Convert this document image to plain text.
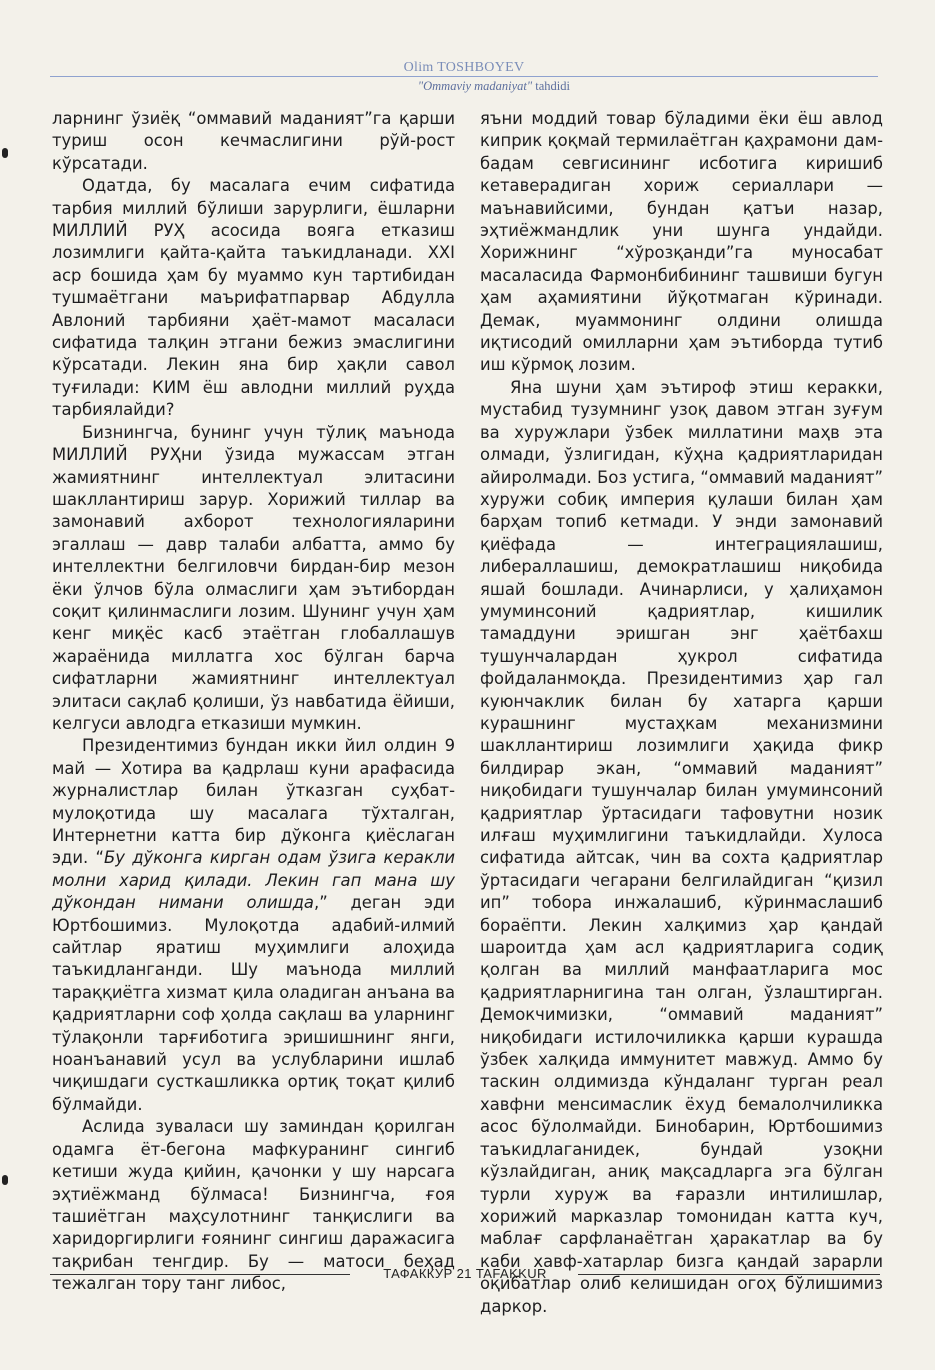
Olim TOSHBOYEV
"Ommaviy madaniyat" tahdidi

ларнинг ўзиёқ “оммавий маданият”га қарши туриш осон кечмаслигини рўй-рост кўрсатади.

Одатда, бу масалага ечим сифатида тарбия миллий бўлиши зарурлиги, ёшларни МИЛЛИЙ РУҲ асосида вояга етказиш лозимлиги қайта-қайта таъкидланади. XXI аср бошида ҳам бу муаммо кун тартибидан тушмаётгани маърифатпарвар Абдулла Авлоний тарбияни ҳаёт-мамот масаласи сифатида талқин этгани бежиз эмаслигини кўрсатади. Лекин яна бир ҳақли савол туғилади: КИМ ёш авлодни миллий руҳда тарбиялайди?

Бизнингча, бунинг учун тўлиқ маънода МИЛЛИЙ РУҲни ўзида мужассам этган жамиятнинг интеллектуал элитасини шакллантириш зарур. Хорижий тиллар ва замонавий ахборот технологияларини эгаллаш — давр талаби албатта, аммо бу интеллектни белгиловчи бирдан-бир мезон ёки ўлчов бўла олмаслиги ҳам эътибордан соқит қилинмаслиги лозим. Шунинг учун ҳам кенг миқёс касб этаётган глобаллашув жараёнида миллатга хос бўлган барча сифатларни жамиятнинг интеллектуал элитаси сақлаб қолиши, ўз навбатида ёйиши, келгуси авлодга етказиши мумкин.

Президентимиз бундан икки йил олдин 9 май — Хотира ва қадрлаш куни арафасида журналистлар билан ўтказган суҳбат-мулоқотида шу масалага тўхталган, Интернетни катта бир дўконга қиёслаган эди. “Бу дўконга кирган одам ўзига керакли молни харид қилади. Лекин гап мана шу дўкондан нимани олишда,” деган эди Юртбошимиз. Мулоқотда адабий-илмий сайтлар яратиш муҳимлиги алоҳида таъкидланганди. Шу маънода миллий тараққиётга хизмат қила оладиган анъана ва қадриятларни соф ҳолда сақлаш ва уларнинг тўлақонли тарғиботига эришишнинг янги, ноанъанавий усул ва услубларини ишлаб чиқишдаги сусткашликка ортиқ тоқат қилиб бўлмайди.

Аслида зуваласи шу заминдан қорилган одамга ёт-бегона мафкуранинг сингиб кетиши жуда қийин, қачонки у шу нарсага эҳтиёжманд бўлмаса! Бизнингча, ғоя ташиётган маҳсулотнинг танқислиги ва харидоргирлиги ғоянинг сингиш даражасига тақрибан тенгдир. Бу — матоси беҳад тежалган тору танг либос,

яъни моддий товар бўладими ёки ёш авлод киприк қоқмай термилаётган қаҳрамони дам-бадам севгисининг исботига киришиб кетаверадиган хориж сериаллари — маънавийсими, бундан қатъи назар, эҳтиёжмандлик уни шунга ундайди. Хорижнинг “хўрозқанди”га муносабат масаласида Фармонбибининг ташвиши бугун ҳам аҳамиятини йўқотмаган кўринади. Демак, муаммонинг олдини олишда иқтисодий омилларни ҳам эътиборда тутиб иш кўрмоқ лозим.

Яна шуни ҳам эътироф этиш керакки, мустабид тузумнинг узоқ давом этган зуғум ва хуружлари ўзбек миллатини маҳв эта олмади, ўзлигидан, кўҳна қадриятларидан айиролмади. Боз устига, “оммавий маданият” хуружи собиқ империя қулаши билан ҳам барҳам топиб кетмади. У энди замонавий қиёфада — интеграциялашиш, либераллашиш, демократлашиш ниқобида яшай бошлади. Ачинарлиси, у ҳалиҳамон умуминсоний қадриятлар, кишилик тамаддуни эришган энг ҳаётбахш тушунчалардан ҳукрол сифатида фойдаланмоқда. Президентимиз ҳар гал куюнчаклик билан бу хатарга қарши курашнинг мустаҳкам механизмини шакллантириш лозимлиги ҳақида фикр билдирар экан, “оммавий маданият” ниқобидаги тушунчалар билан умуминсоний қадриятлар ўртасидаги тафовутни нозик илғаш муҳимлигини таъкидлайди. Хулоса сифатида айтсак, чин ва сохта қадриятлар ўртасидаги чегарани белгилайдиган “қизил ип” тобора инжалашиб, кўринмаслашиб бораёпти. Лекин халқимиз ҳар қандай шароитда ҳам асл қадриятларига содиқ қолган ва миллий манфаатларига мос қадриятларнигина тан олган, ўзлаштирган. Демокчимизки, “оммавий маданият” ниқобидаги истилочиликка қарши курашда ўзбек халқида иммунитет мавжуд. Аммо бу таскин олдимизда кўндаланг турган реал хавфни менсимаслик ёхуд бемалолчиликка асос бўлолмайди. Бинобарин, Юртбошимиз таъкидлаганидек, бундай узоқни кўзлайдиган, аниқ мақсадларга эга бўлган турли хуруж ва ғаразли интилишлар, хорижий марказлар томонидан катта куч, маблағ сарфланаётган ҳаракатлар ва бу каби хавф-хатарлар бизга қандай зарарли оқибатлар олиб келишидан огоҳ бўлишимиз даркор.

ТАФАККУР 21 TAFAKKUR
